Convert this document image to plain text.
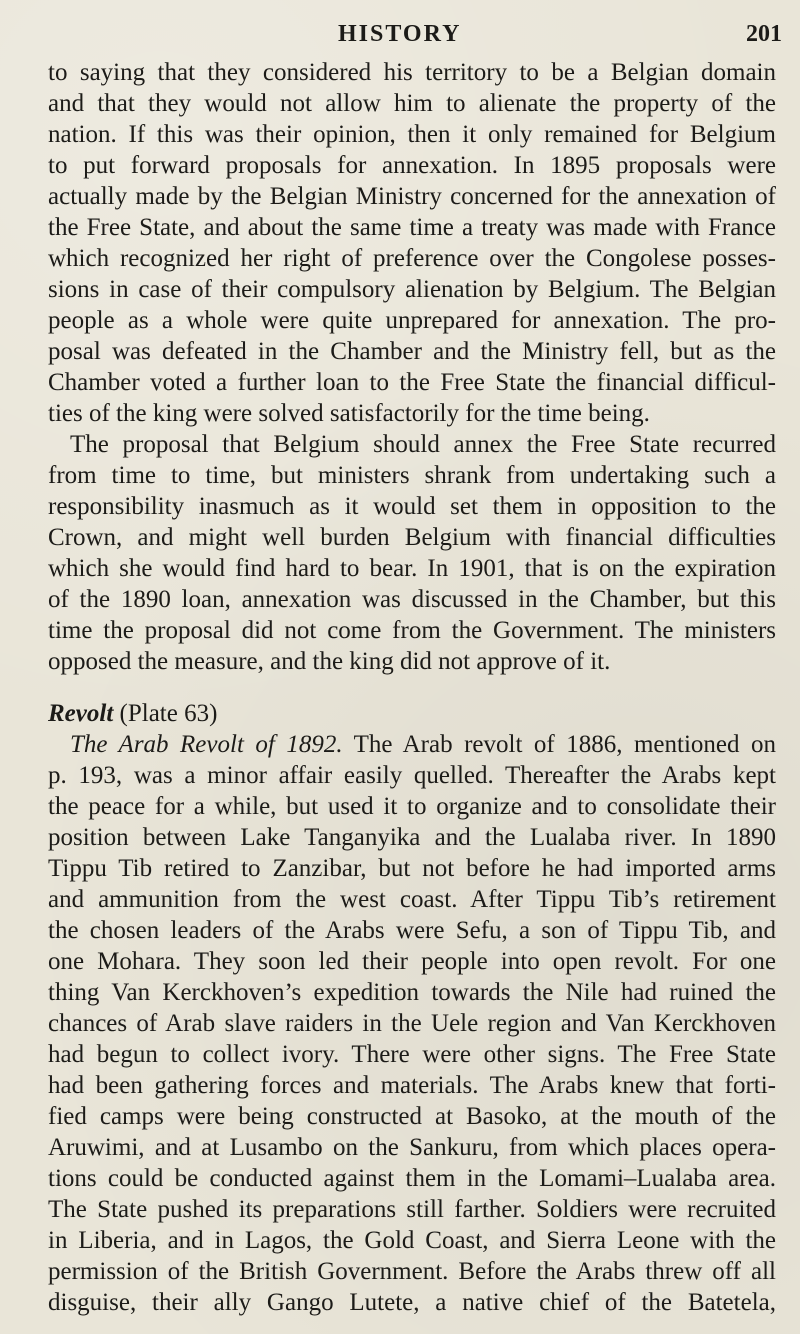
HISTORY	201
to saying that they considered his territory to be a Belgian domain
and that they would not allow him to alienate the property of the
nation. If this was their opinion, then it only remained for Belgium
to put forward proposals for annexation. In 1895 proposals were
actually made by the Belgian Ministry concerned for the annexation of
the Free State, and about the same time a treaty was made with France
which recognized her right of preference over the Congolese posses-
sions in case of their compulsory alienation by Belgium. The Belgian
people as a whole were quite unprepared for annexation. The pro-
posal was defeated in the Chamber and the Ministry fell, but as the
Chamber voted a further loan to the Free State the financial difficul-
ties of the king were solved satisfactorily for the time being.
The proposal that Belgium should annex the Free State recurred
from time to time, but ministers shrank from undertaking such a
responsibility inasmuch as it would set them in opposition to the
Crown, and might well burden Belgium with financial difficulties
which she would find hard to bear. In 1901, that is on the expiration
of the 1890 loan, annexation was discussed in the Chamber, but this
time the proposal did not come from the Government. The ministers
opposed the measure, and the king did not approve of it.
Revolt (Plate 63)
The Arab Revolt of 1892. The Arab revolt of 1886, mentioned on
p. 193, was a minor affair easily quelled. Thereafter the Arabs kept
the peace for a while, but used it to organize and to consolidate their
position between Lake Tanganyika and the Lualaba river. In 1890
Tippu Tib retired to Zanzibar, but not before he had imported arms
and ammunition from the west coast. After Tippu Tib’s retirement
the chosen leaders of the Arabs were Sefu, a son of Tippu Tib, and
one Mohara. They soon led their people into open revolt. For one
thing Van Kerckhoven’s expedition towards the Nile had ruined the
chances of Arab slave raiders in the Uele region and Van Kerckhoven
had begun to collect ivory. There were other signs. The Free State
had been gathering forces and materials. The Arabs knew that forti-
fied camps were being constructed at Basoko, at the mouth of the
Aruwimi, and at Lusambo on the Sankuru, from which places opera-
tions could be conducted against them in the Lomami–Lualaba area.
The State pushed its preparations still farther. Soldiers were recruited
in Liberia, and in Lagos, the Gold Coast, and Sierra Leone with the
permission of the British Government. Before the Arabs threw off all
disguise, their ally Gango Lutete, a native chief of the Batetela,
